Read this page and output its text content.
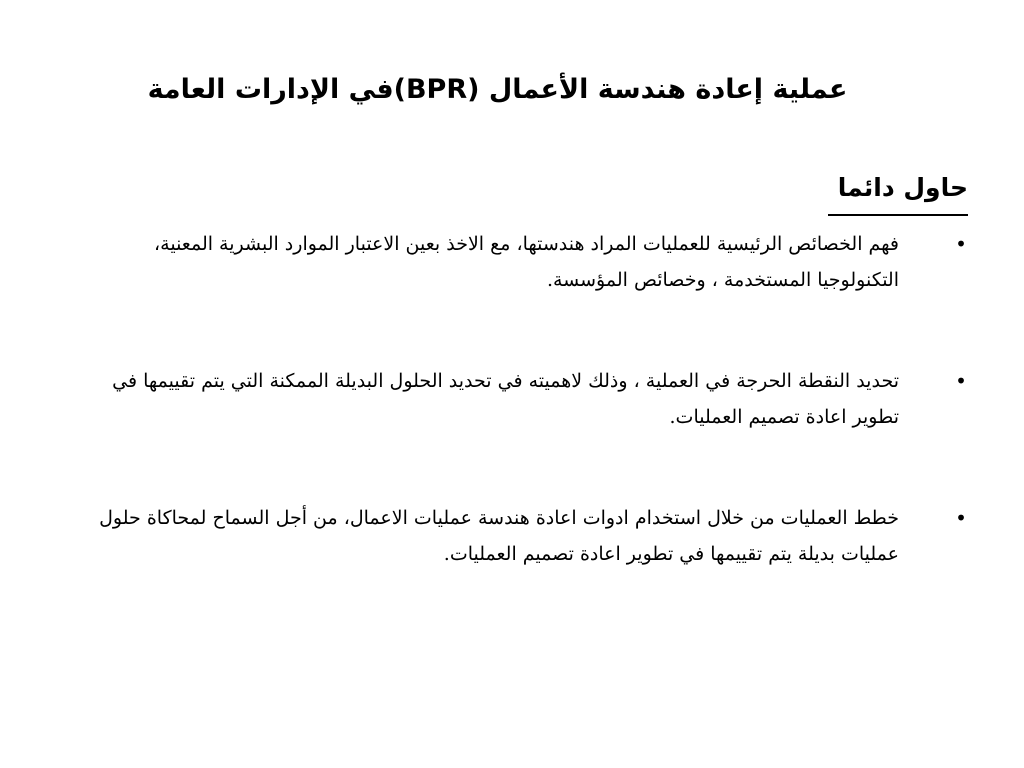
عملية إعادة هندسة الأعمال (BPR)في الإدارات العامة
حاول دائما
•
فهم الخصائص الرئيسية للعمليات المراد هندستها، مع الاخذ بعين الاعتبار الموارد البشرية المعنية، التكنولوجيا المستخدمة ، وخصائص المؤسسة.
•
تحديد النقطة الحرجة في العملية ، وذلك لاهميته في تحديد الحلول البديلة الممكنة التي يتم تقييمها في تطوير اعادة تصميم العمليات.
•
خطط العمليات من خلال استخدام ادوات اعادة هندسة عمليات الاعمال، من أجل السماح لمحاكاة حلول عمليات بديلة يتم تقييمها في تطوير اعادة تصميم العمليات.
